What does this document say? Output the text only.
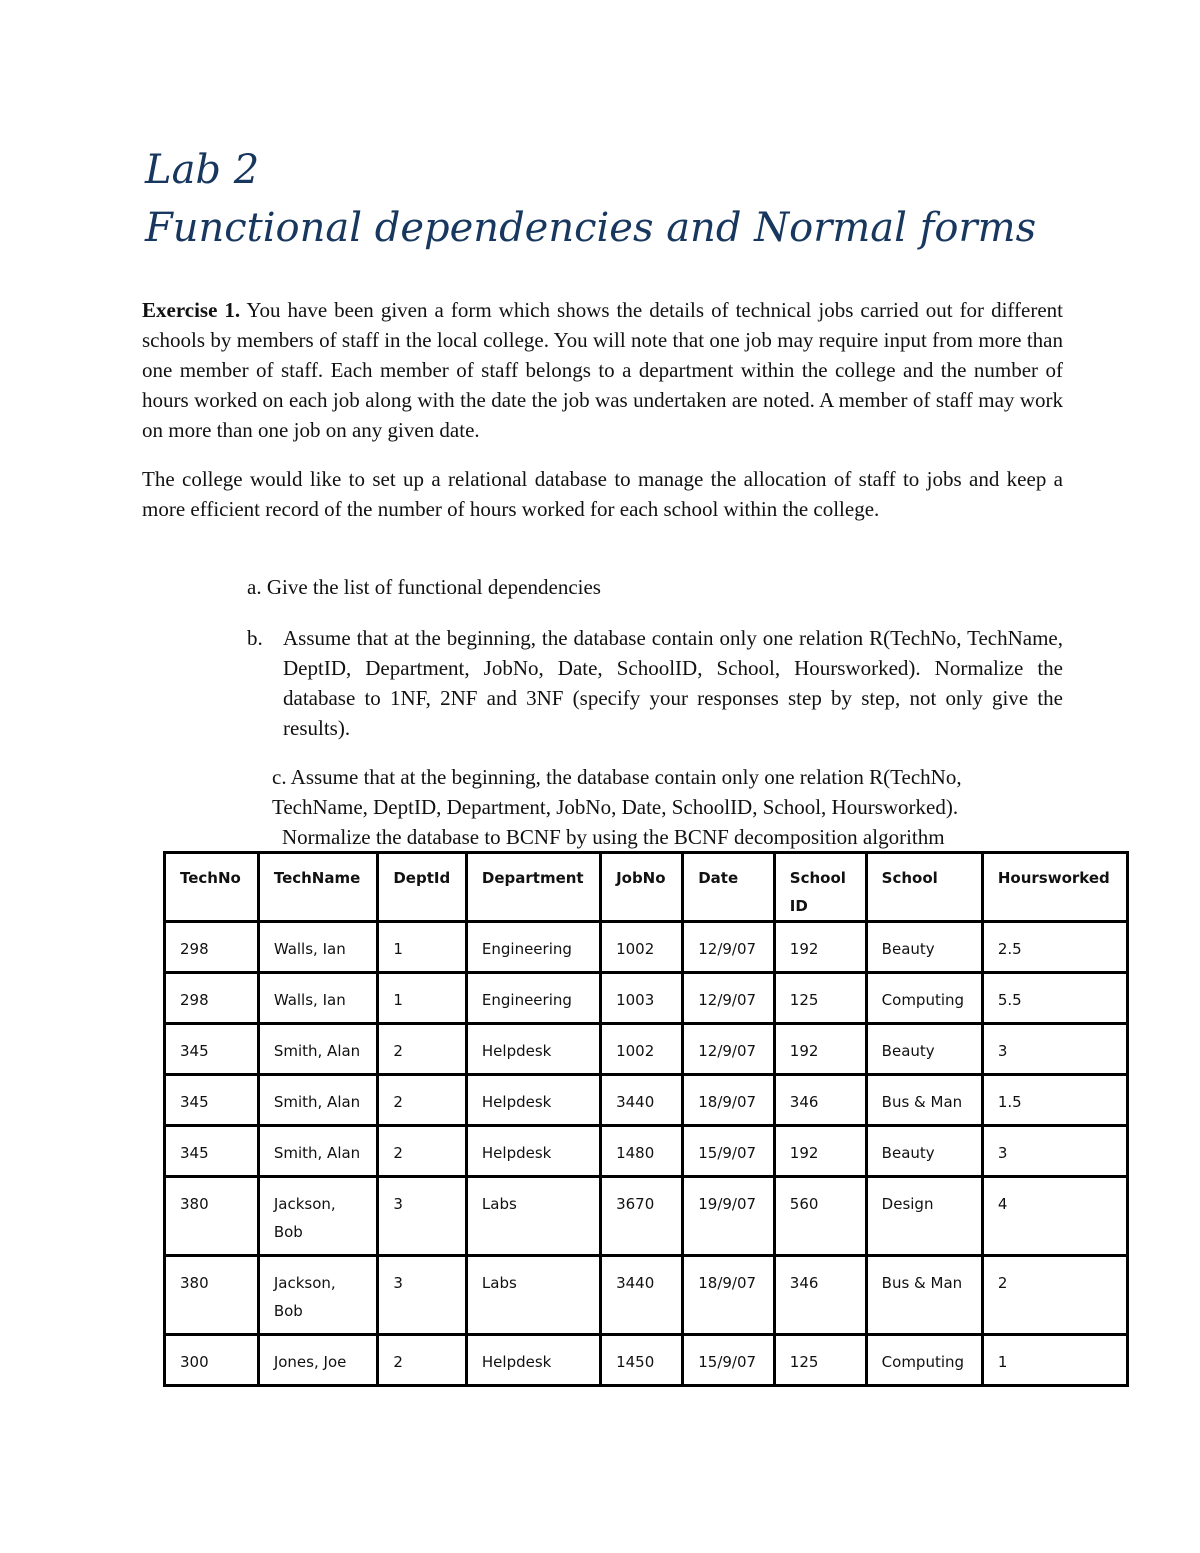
Lab 2
Functional dependencies and Normal forms

Exercise 1. You have been given a form which shows the details of technical jobs carried out for different schools by members of staff in the local college. You will note that one job may require input from more than one member of staff. Each member of staff belongs to a department within the college and the number of hours worked on each job along with the date the job was undertaken are noted. A member of staff may work on more than one job on any given date.

The college would like to set up a relational database to manage the allocation of staff to jobs and keep a more efficient record of the number of hours worked for each school within the college.

a. Give the list of functional dependencies

b. Assume that at the beginning, the database contain only one relation R(TechNo, TechName, DeptID, Department, JobNo, Date, SchoolID, School, Hoursworked). Normalize the database to 1NF, 2NF and 3NF (specify your responses step by step, not only give the results).
c. Assume that at the beginning, the database contain only one relation R(TechNo,
TechName, DeptID, Department, JobNo, Date, SchoolID, School, Hoursworked).
Normalize the database to BCNF by using the BCNF decomposition algorithm
TechNo	TechName	DeptId	Department	JobNo	Date	School ID	School	Hoursworked
298	Walls, Ian	1	Engineering	1002	12/9/07	192	Beauty	2.5
298	Walls, Ian	1	Engineering	1003	12/9/07	125	Computing	5.5
345	Smith, Alan	2	Helpdesk	1002	12/9/07	192	Beauty	3
345	Smith, Alan	2	Helpdesk	3440	18/9/07	346	Bus & Man	1.5
345	Smith, Alan	2	Helpdesk	1480	15/9/07	192	Beauty	3
380	Jackson, Bob	3	Labs	3670	19/9/07	560	Design	4
380	Jackson, Bob	3	Labs	3440	18/9/07	346	Bus & Man	2
300	Jones, Joe	2	Helpdesk	1450	15/9/07	125	Computing	1
